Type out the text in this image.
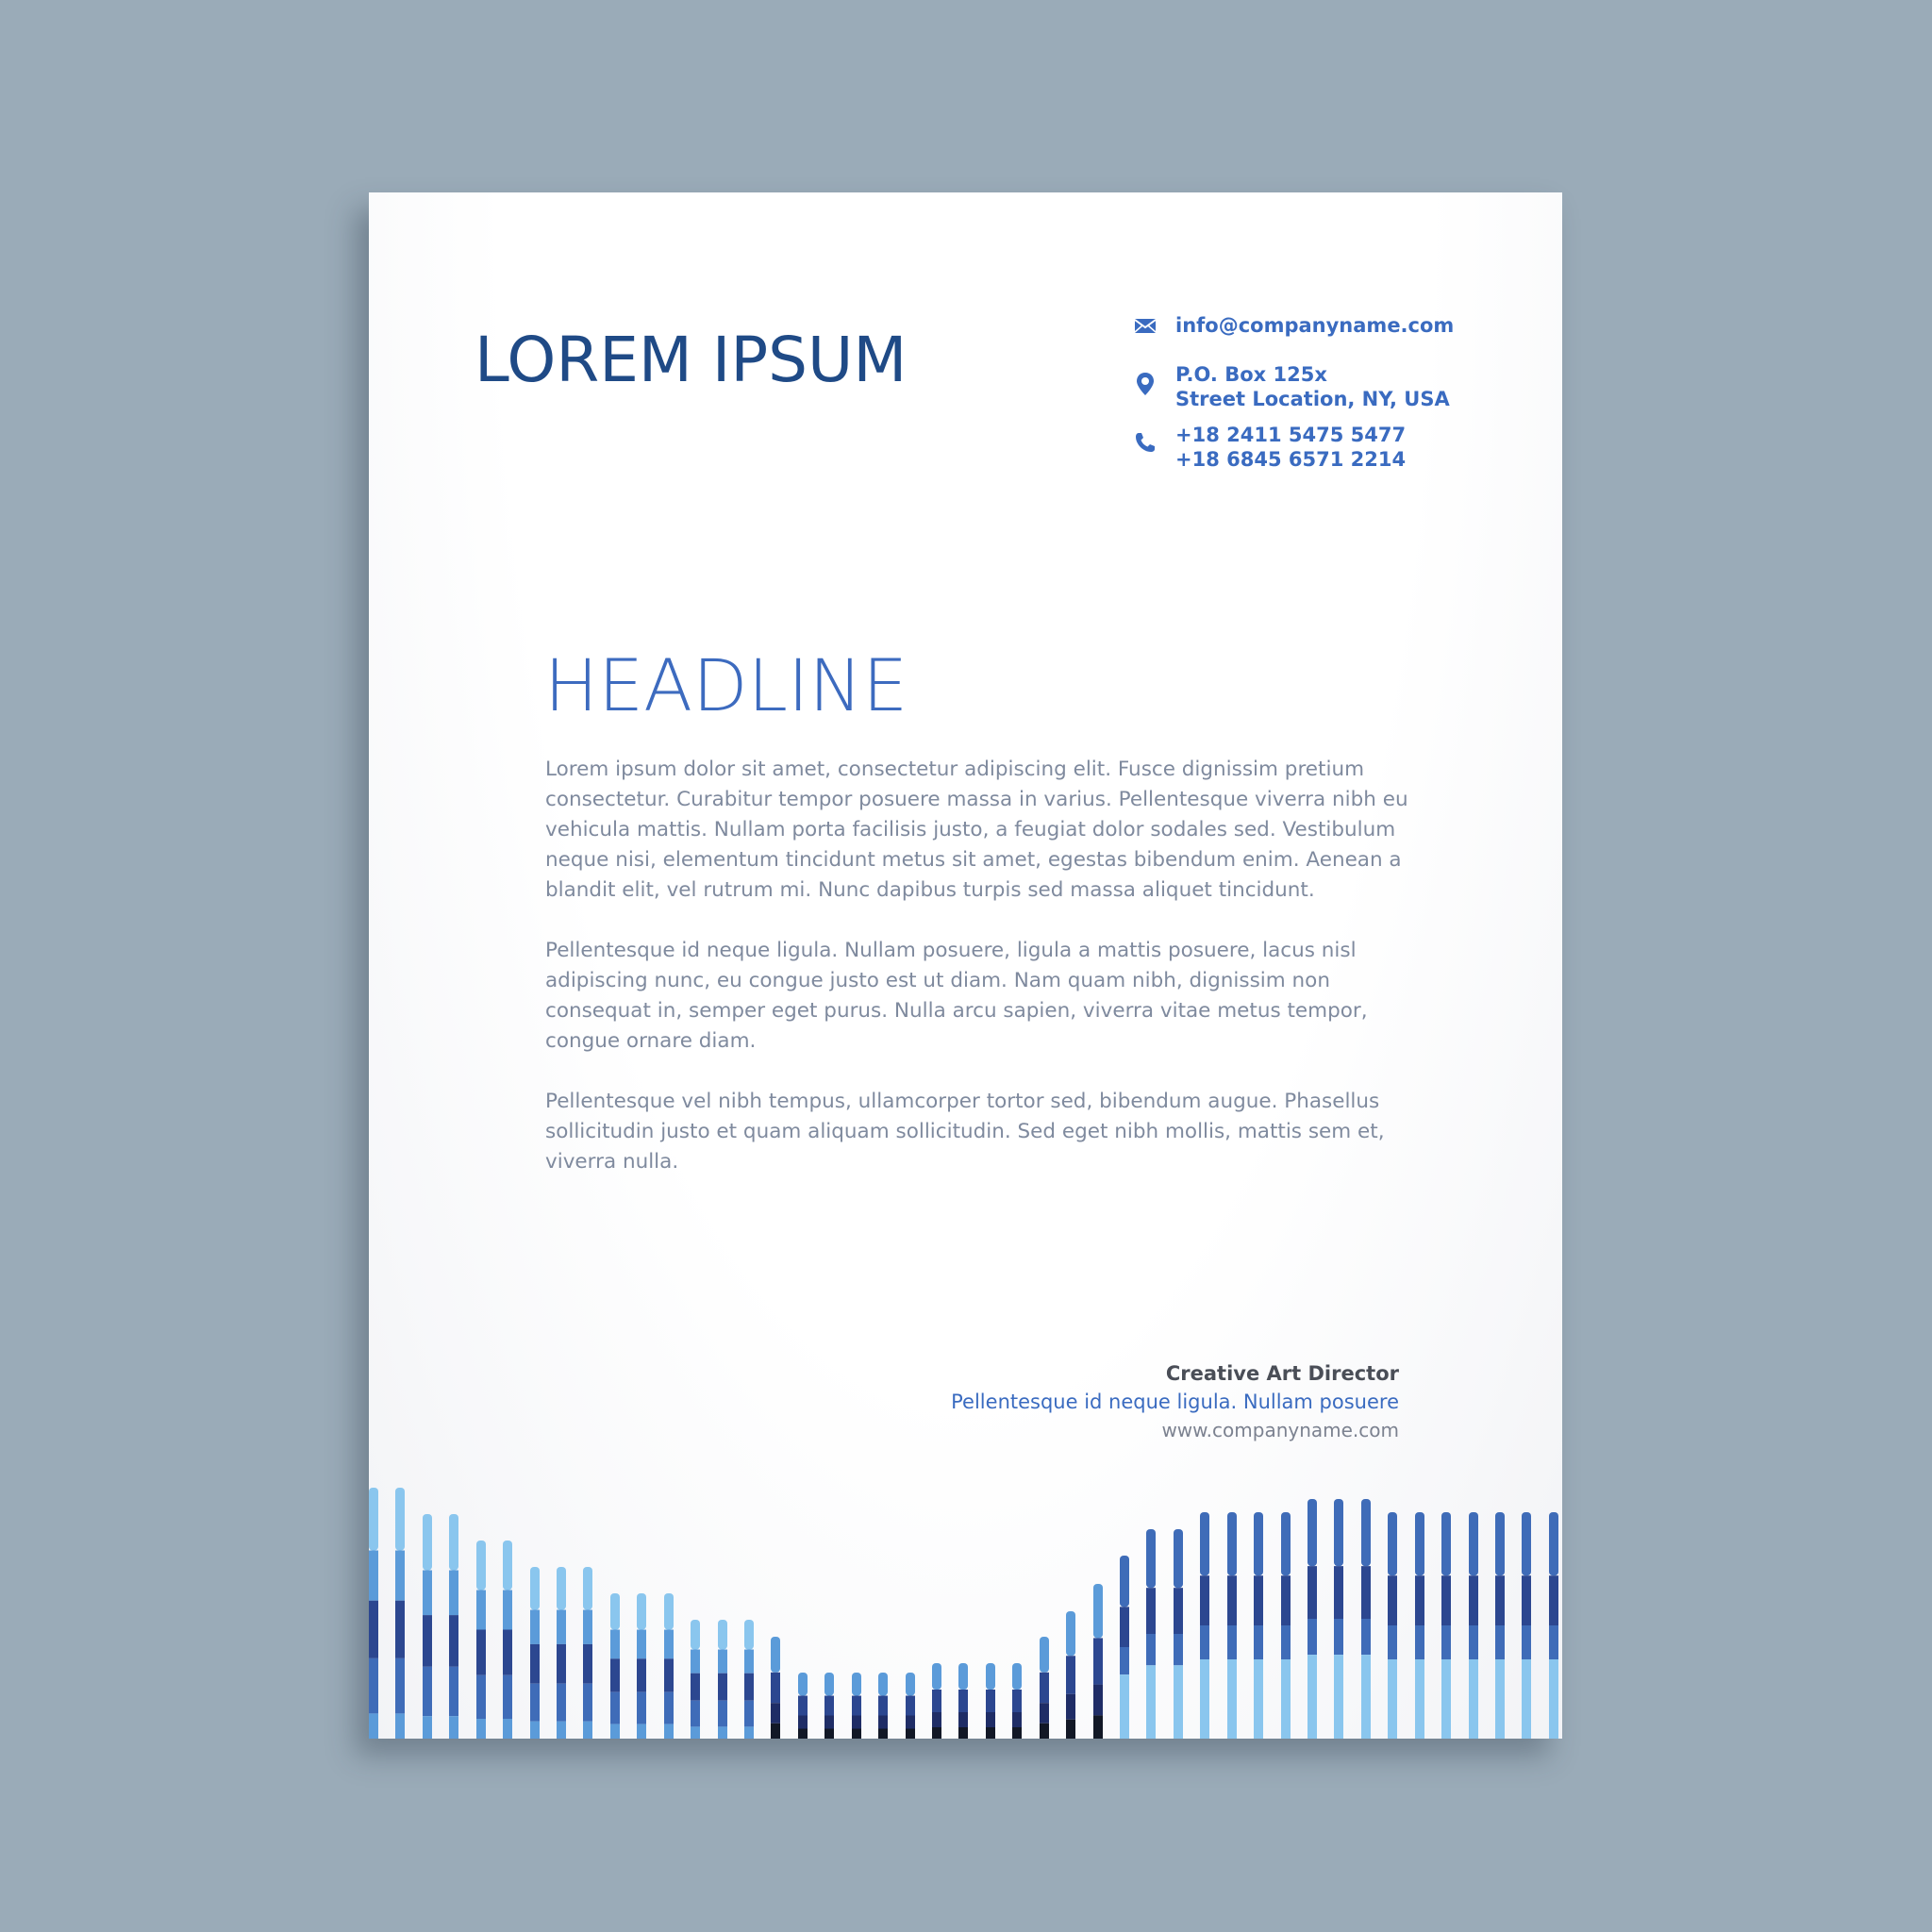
LOREM IPSUM	info@companyname.com
P.O. Box 125x
Street Location, NY, USA
+18 2411 5475 5477
+18 6845 6571 2214
HEADLINE

Lorem ipsum dolor sit amet, consectetur adipiscing elit. Fusce dignissim pretium consectetur. Curabitur tempor posuere massa in varius. Pellentesque viverra nibh eu vehicula mattis. Nullam porta facilisis justo, a feugiat dolor sodales sed. Vestibulum neque nisi, elementum tincidunt metus sit amet, egestas bibendum enim. Aenean a blandit elit, vel rutrum mi. Nunc dapibus turpis sed massa aliquet tincidunt.

Pellentesque id neque ligula. Nullam posuere, ligula a mattis posuere, lacus nisl adipiscing nunc, eu congue justo est ut diam. Nam quam nibh, dignissim non consequat in, semper eget purus. Nulla arcu sapien, viverra vitae metus tempor, congue ornare diam.

Pellentesque vel nibh tempus, ullamcorper tortor sed, bibendum augue. Phasellus sollicitudin justo et quam aliquam sollicitudin. Sed eget nibh mollis, mattis sem et, viverra nulla.

Creative Art Director
Pellentesque id neque ligula. Nullam posuere
www.companyname.com
